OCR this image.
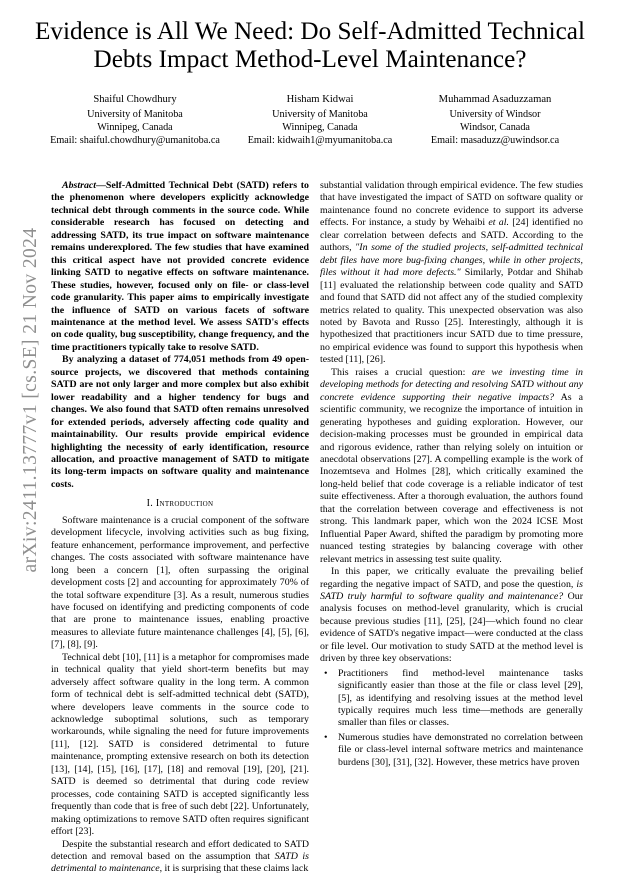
arXiv:2411.13777v1 [cs.SE] 21 Nov 2024
Evidence is All We Need: Do Self-Admitted Technical Debts Impact Method-Level Maintenance?
Shaiful Chowdhury
University of Manitoba
Winnipeg, Canada
Email: shaiful.chowdhury@umanitoba.ca
Hisham Kidwai
University of Manitoba
Winnipeg, Canada
Email: kidwaih1@myumanitoba.ca
Muhammad Asaduzzaman
University of Windsor
Windsor, Canada
Email: masaduzz@uwindsor.ca

Abstract—Self-Admitted Technical Debt (SATD) refers to the phenomenon where developers explicitly acknowledge technical debt through comments in the source code. While considerable research has focused on detecting and addressing SATD, its true impact on software maintenance remains underexplored. The few studies that have examined this critical aspect have not provided concrete evidence linking SATD to negative effects on software maintenance. These studies, however, focused only on file- or class-level code granularity. This paper aims to empirically investigate the influence of SATD on various facets of software maintenance at the method level. We assess SATD's effects on code quality, bug susceptibility, change frequency, and the time practitioners typically take to resolve SATD.

By analyzing a dataset of 774,051 methods from 49 open-source projects, we discovered that methods containing SATD are not only larger and more complex but also exhibit lower readability and a higher tendency for bugs and changes. We also found that SATD often remains unresolved for extended periods, adversely affecting code quality and maintainability. Our results provide empirical evidence highlighting the necessity of early identification, resource allocation, and proactive management of SATD to mitigate its long-term impacts on software quality and maintenance costs.

I. Introduction

Software maintenance is a crucial component of the software development lifecycle, involving activities such as bug fixing, feature enhancement, performance improvement, and perfective changes. The costs associated with software maintenance have long been a concern [1], often surpassing the original development costs [2] and accounting for approximately 70% of the total software expenditure [3]. As a result, numerous studies have focused on identifying and predicting components of code that are prone to maintenance issues, enabling proactive measures to alleviate future maintenance challenges [4], [5], [6], [7], [8], [9].

Technical debt [10], [11] is a metaphor for compromises made in technical quality that yield short-term benefits but may adversely affect software quality in the long term. A common form of technical debt is self-admitted technical debt (SATD), where developers leave comments in the source code to acknowledge suboptimal solutions, such as temporary workarounds, while signaling the need for future improvements [11], [12]. SATD is considered detrimental to future maintenance, prompting extensive research on both its detection [13], [14], [15], [16], [17], [18] and removal [19], [20], [21]. SATD is deemed so detrimental that during code review processes, code containing SATD is accepted significantly less frequently than code that is free of such debt [22]. Unfortunately, making optimizations to remove SATD often requires significant effort [23].

Despite the substantial research and effort dedicated to SATD detection and removal based on the assumption that SATD is detrimental to maintenance, it is surprising that these claims lack

substantial validation through empirical evidence. The few studies that have investigated the impact of SATD on software quality or maintenance found no concrete evidence to support its adverse effects. For instance, a study by Wehaibi et al. [24] identified no clear correlation between defects and SATD. According to the authors, "In some of the studied projects, self-admitted technical debt files have more bug-fixing changes, while in other projects, files without it had more defects." Similarly, Potdar and Shihab [11] evaluated the relationship between code quality and SATD and found that SATD did not affect any of the studied complexity metrics related to quality. This unexpected observation was also noted by Bavota and Russo [25]. Interestingly, although it is hypothesized that practitioners incur SATD due to time pressure, no empirical evidence was found to support this hypothesis when tested [11], [26].

This raises a crucial question: are we investing time in developing methods for detecting and resolving SATD without any concrete evidence supporting their negative impacts? As a scientific community, we recognize the importance of intuition in generating hypotheses and guiding exploration. However, our decision-making processes must be grounded in empirical data and rigorous evidence, rather than relying solely on intuition or anecdotal observations [27]. A compelling example is the work of Inozemtseva and Holmes [28], which critically examined the long-held belief that code coverage is a reliable indicator of test suite effectiveness. After a thorough evaluation, the authors found that the correlation between coverage and effectiveness is not strong. This landmark paper, which won the 2024 ICSE Most Influential Paper Award, shifted the paradigm by promoting more nuanced testing strategies by balancing coverage with other relevant metrics in assessing test suite quality.

In this paper, we critically evaluate the prevailing belief regarding the negative impact of SATD, and pose the question, is SATD truly harmful to software quality and maintenance? Our analysis focuses on method-level granularity, which is crucial because previous studies [11], [25], [24]—which found no clear evidence of SATD's negative impact—were conducted at the class or file level. Our motivation to study SATD at the method level is driven by three key observations:

• Practitioners find method-level maintenance tasks significantly easier than those at the file or class level [29], [5], as identifying and resolving issues at the method level typically requires much less time—methods are generally smaller than files or classes.
• Numerous studies have demonstrated no correlation between file or class-level internal software metrics and maintenance burdens [30], [31], [32]. However, these metrics have proven
